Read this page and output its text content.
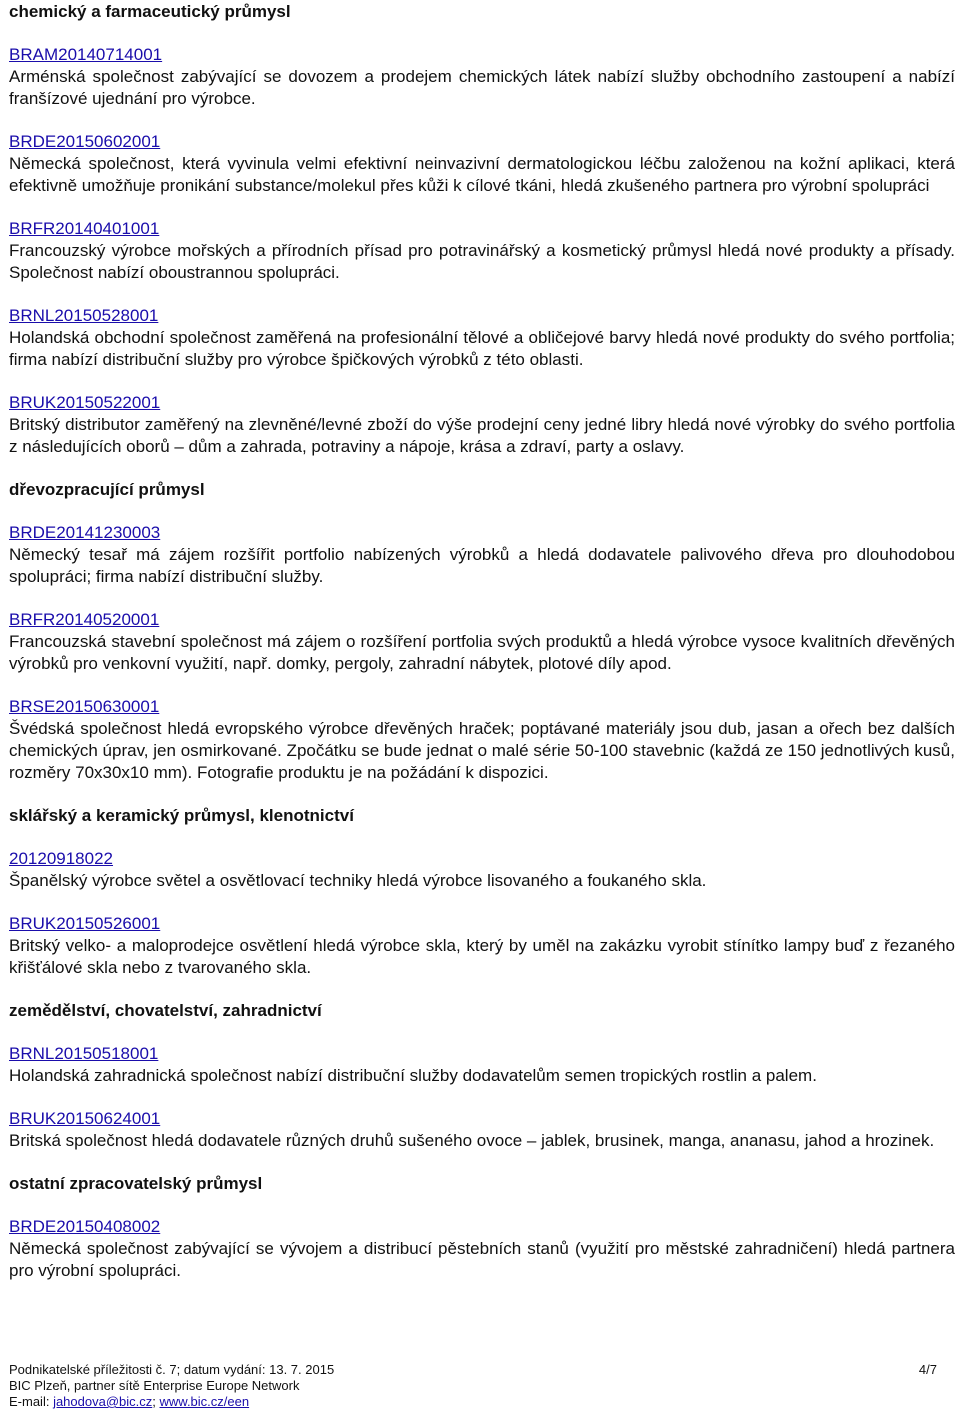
chemický a farmaceutický průmysl
BRAM20140714001

Arménská společnost zabývající se dovozem a prodejem chemických látek nabízí služby obchodního zastoupení a nabízí franšízové ujednání pro výrobce.

BRDE20150602001

Německá společnost, která vyvinula velmi efektivní neinvazivní dermatologickou léčbu založenou na kožní aplikaci, která efektivně umožňuje pronikání substance/molekul přes kůži k cílové tkáni, hledá zkušeného partnera pro výrobní spolupráci

BRFR20140401001

Francouzský výrobce mořských a přírodních přísad pro potravinářský a kosmetický průmysl hledá nové produkty a přísady. Společnost nabízí oboustrannou spolupráci.

BRNL20150528001

Holandská obchodní společnost zaměřená na profesionální tělové a obličejové barvy hledá nové produkty do svého portfolia; firma nabízí distribuční služby pro výrobce špičkových výrobků z této oblasti.

BRUK20150522001

Britský distributor zaměřený na zlevněné/levné zboží do výše prodejní ceny jedné libry hledá nové výrobky do svého portfolia z následujících oborů – dům a zahrada, potraviny a nápoje, krása a zdraví, party a oslavy.

dřevozpracující průmysl
BRDE20141230003

Německý tesař má zájem rozšířit portfolio nabízených výrobků a hledá dodavatele palivového dřeva pro dlouhodobou spolupráci; firma nabízí distribuční služby.

BRFR20140520001

Francouzská stavební společnost má zájem o rozšíření portfolia svých produktů a hledá výrobce vysoce kvalitních dřevěných výrobků pro venkovní využití, např. domky, pergoly, zahradní nábytek, plotové díly apod.

BRSE20150630001

Švédská společnost hledá evropského výrobce dřevěných hraček; poptávané materiály jsou dub, jasan a ořech bez dalších chemických úprav, jen osmirkované. Zpočátku se bude jednat o malé série 50-100 stavebnic (každá ze 150 jednotlivých kusů, rozměry 70x30x10 mm). Fotografie produktu je na požádání k dispozici.

sklářský a keramický průmysl, klenotnictví
20120918022

Španělský výrobce světel a osvětlovací techniky hledá výrobce lisovaného a foukaného skla.

BRUK20150526001

Britský velko- a maloprodejce osvětlení hledá výrobce skla, který by uměl na zakázku vyrobit stínítko lampy buď z řezaného křišťálové skla nebo z tvarovaného skla.

zemědělství, chovatelství, zahradnictví
BRNL20150518001

Holandská zahradnická společnost nabízí distribuční služby dodavatelům semen tropických rostlin a palem.

BRUK20150624001

Britská společnost hledá dodavatele různých druhů sušeného ovoce – jablek, brusinek, manga, ananasu, jahod a hrozinek.

ostatní zpracovatelský průmysl
BRDE20150408002

Německá společnost zabývající se vývojem a distribucí pěstebních stanů (využití pro městské zahradničení) hledá partnera pro výrobní spolupráci.

Podnikatelské příležitosti č. 7; datum vydání: 13. 7. 2015	4/7
BIC Plzeň, partner sítě Enterprise Europe Network
E-mail: jahodova@bic.cz; www.bic.cz/een
